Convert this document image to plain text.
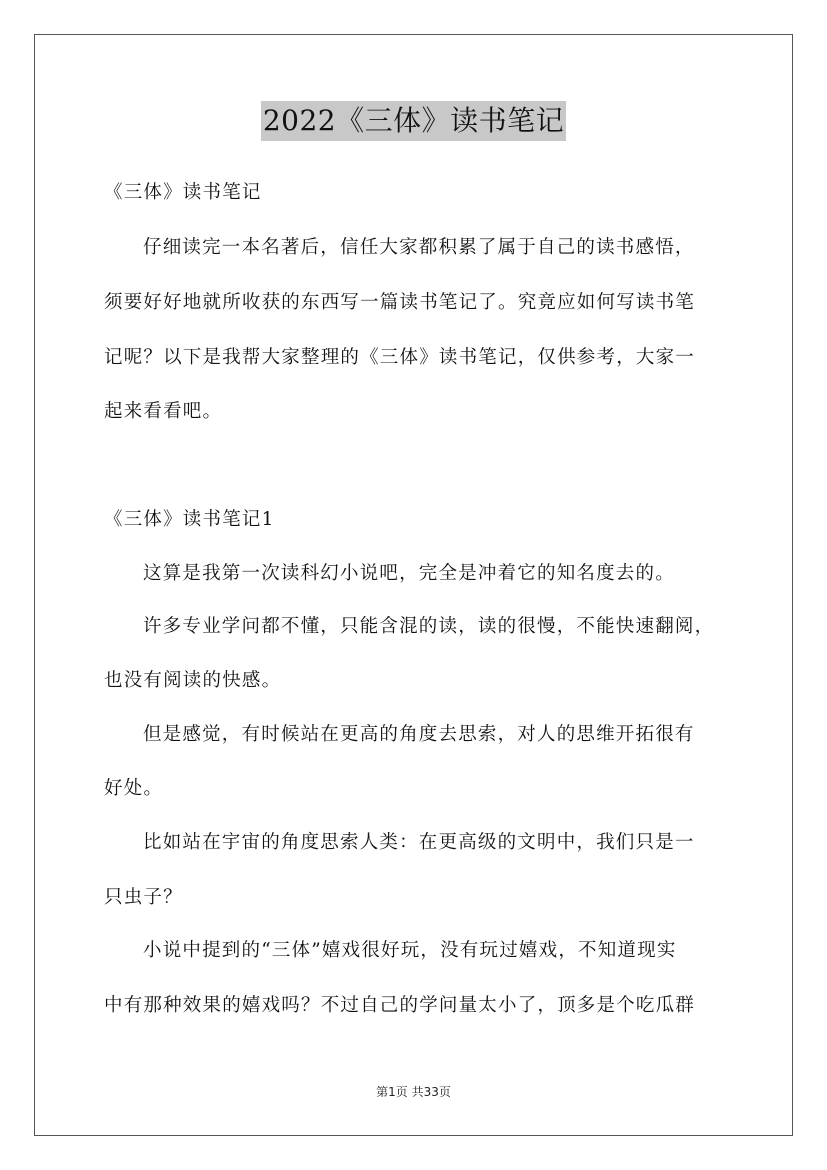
2022《三体》读书笔记
《三体》读书笔记
仔细读完一本名著后，信任大家都积累了属于自己的读书感悟，
须要好好地就所收获的东西写一篇读书笔记了。究竟应如何写读书笔
记呢？以下是我帮大家整理的《三体》读书笔记，仅供参考，大家一
起来看看吧。
《三体》读书笔记1
这算是我第一次读科幻小说吧，完全是冲着它的知名度去的。
许多专业学问都不懂，只能含混的读，读的很慢，不能快速翻阅，
也没有阅读的快感。
但是感觉，有时候站在更高的角度去思索，对人的思维开拓很有
好处。
比如站在宇宙的角度思索人类：在更高级的文明中，我们只是一
只虫子？
小说中提到的“三体”嬉戏很好玩，没有玩过嬉戏，不知道现实
中有那种效果的嬉戏吗？不过自己的学问量太小了，顶多是个吃瓜群
第1页 共33页
